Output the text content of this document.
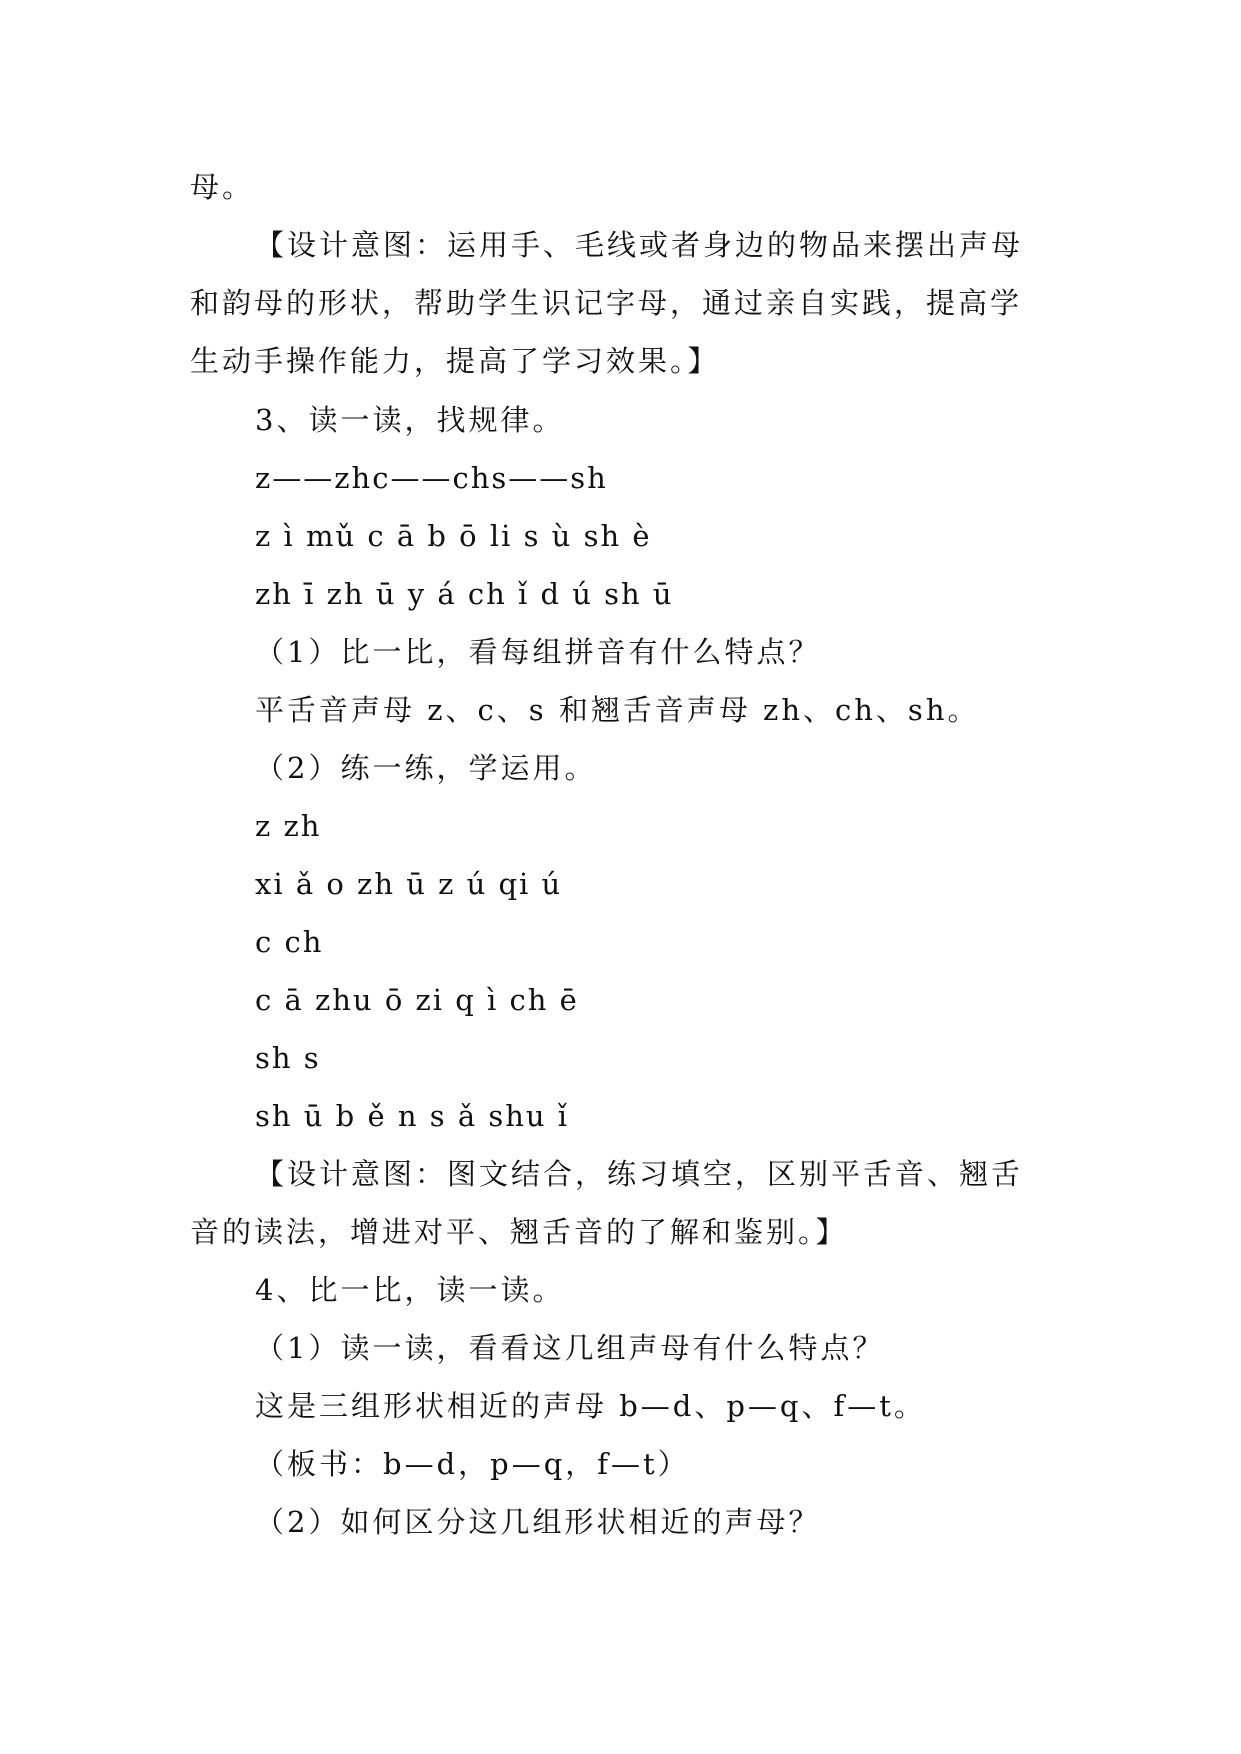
母。
【设计意图：运用手、毛线或者身边的物品来摆出声母
和韵母的形状，帮助学生识记字母，通过亲自实践，提高学
生动手操作能力，提高了学习效果。】
3、读一读，找规律。
z——zhc——chs——sh
z ì mǔ c ā b ō li s ù sh è
zh ī zh ū y á ch ǐ d ú sh ū
（1）比一比，看每组拼音有什么特点？
平舌音声母 z、c、s 和翘舌音声母 zh、ch、sh。
（2）练一练，学运用。
z zh
xi ǎ o zh ū z ú qi ú
c ch
c ā zhu ō zi q ì ch ē
sh s
sh ū b ě n s ǎ shu ǐ
【设计意图：图文结合，练习填空，区别平舌音、翘舌
音的读法，增进对平、翘舌音的了解和鉴别。】
4、比一比，读一读。
（1）读一读，看看这几组声母有什么特点？
这是三组形状相近的声母 b—d、p—q、f—t。
（板书：b—d，p—q，f—t）
（2）如何区分这几组形状相近的声母？
